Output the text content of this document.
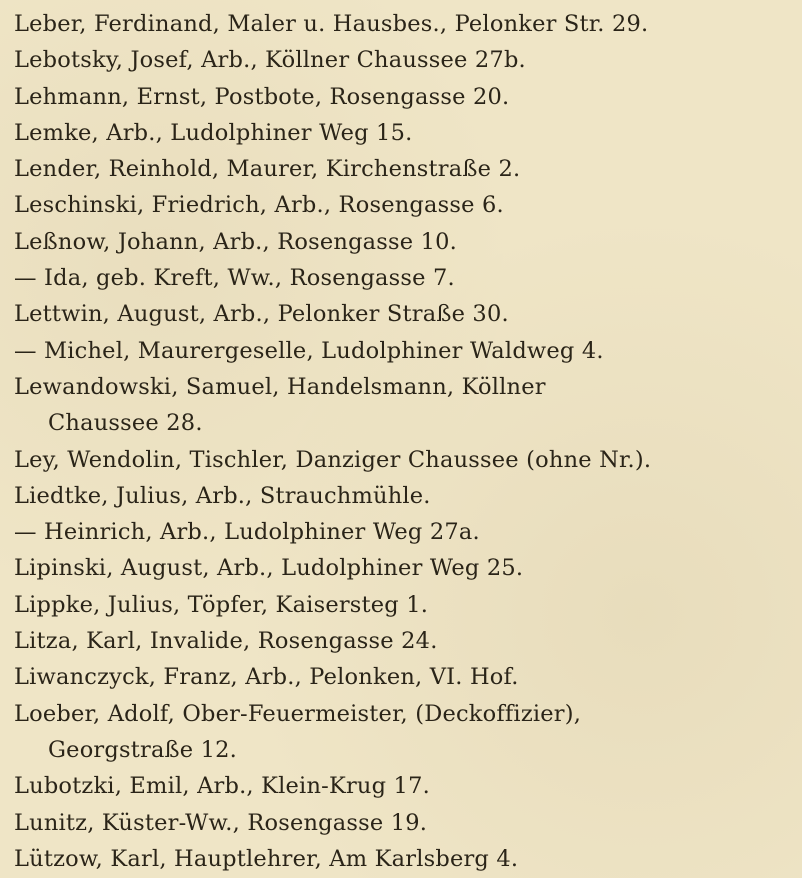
Leber, Ferdinand, Maler u. Hausbes., Pelonker Str. 29.
Lebotsky, Josef, Arb., Köllner Chaussee 27b.
Lehmann, Ernst, Postbote, Rosengasse 20.
Lemke, Arb., Ludolphiner Weg 15.
Lender, Reinhold, Maurer, Kirchenstraße 2.
Leschinski, Friedrich, Arb., Rosengasse 6.
Leßnow, Johann, Arb., Rosengasse 10.
— Ida, geb. Kreft, Ww., Rosengasse 7.
Lettwin, August, Arb., Pelonker Straße 30.
— Michel, Maurergeselle, Ludolphiner Waldweg 4.
Lewandowski, Samuel, Handelsmann, Köllner
Chaussee 28.
Ley, Wendolin, Tischler, Danziger Chaussee (ohne Nr.).
Liedtke, Julius, Arb., Strauchmühle.
— Heinrich, Arb., Ludolphiner Weg 27a.
Lipinski, August, Arb., Ludolphiner Weg 25.
Lippke, Julius, Töpfer, Kaisersteg 1.
Litza, Karl, Invalide, Rosengasse 24.
Liwanczyck, Franz, Arb., Pelonken, VI. Hof.
Loeber, Adolf, Ober-Feuermeister, (Deckoffizier),
Georgstraße 12.
Lubotzki, Emil, Arb., Klein-Krug 17.
Lunitz, Küster-Ww., Rosengasse 19.
Lützow, Karl, Hauptlehrer, Am Karlsberg 4.
